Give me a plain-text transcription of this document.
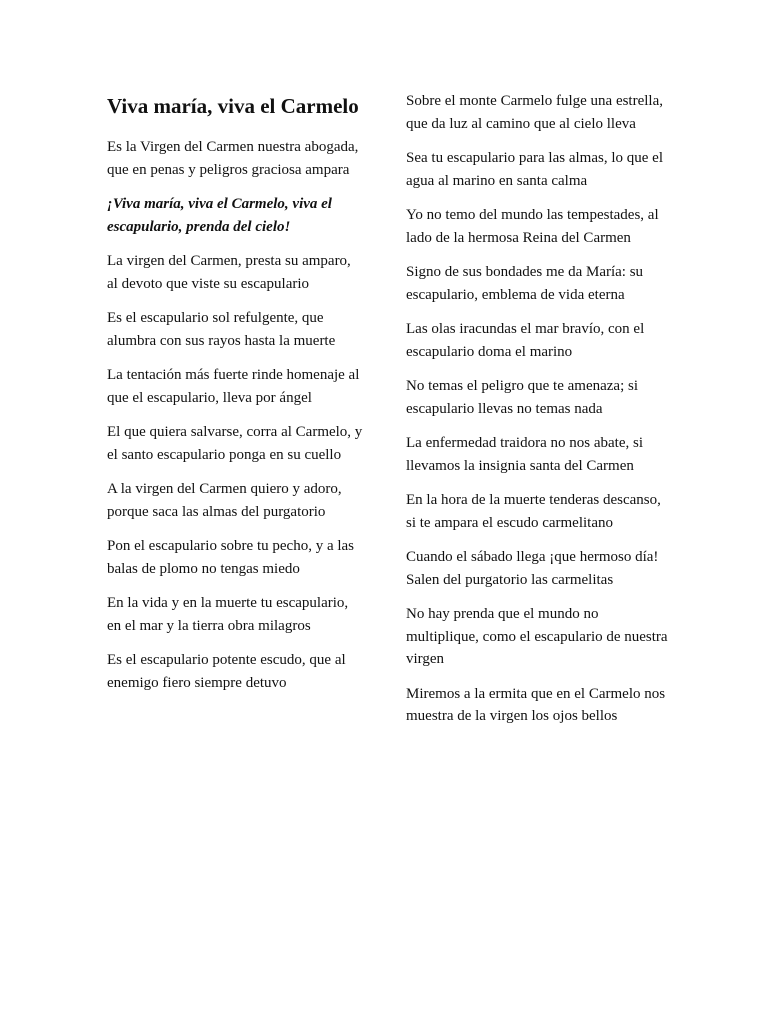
Viva maría, viva el Carmelo

Es la Virgen del Carmen nuestra abogada, que en penas y peligros graciosa ampara

¡Viva maría, viva el Carmelo, viva el escapulario, prenda del cielo!

La virgen del Carmen, presta su amparo, al devoto que viste su escapulario

Es el escapulario sol refulgente, que alumbra con sus rayos hasta la muerte

La tentación más fuerte rinde homenaje al que el escapulario, lleva por ángel

El que quiera salvarse, corra al Carmelo, y el santo escapulario ponga en su cuello

A la virgen del Carmen quiero y adoro, porque saca las almas del purgatorio

Pon el escapulario sobre tu pecho, y a las balas de plomo no tengas miedo

En la vida y en la muerte tu escapulario, en el mar y la tierra obra milagros

Es el escapulario potente escudo, que al enemigo fiero siempre detuvo

Sobre el monte Carmelo fulge una estrella, que da luz al camino que al cielo lleva

Sea tu escapulario para las almas, lo que el agua al marino en santa calma

Yo no temo del mundo las tempestades, al lado de la hermosa Reina del Carmen

Signo de sus bondades me da María: su escapulario, emblema de vida eterna

Las olas iracundas el mar bravío, con el escapulario doma el marino

No temas el peligro que te amenaza; si escapulario llevas no temas nada

La enfermedad traidora no nos abate, si llevamos la insignia santa del Carmen

En la hora de la muerte tenderas descanso, si te ampara el escudo carmelitano

Cuando el sábado llega ¡que hermoso día! Salen del purgatorio las carmelitas

No hay prenda que el mundo no multiplique, como el escapulario de nuestra virgen

Miremos a la ermita que en el Carmelo nos muestra de la virgen los ojos bellos
